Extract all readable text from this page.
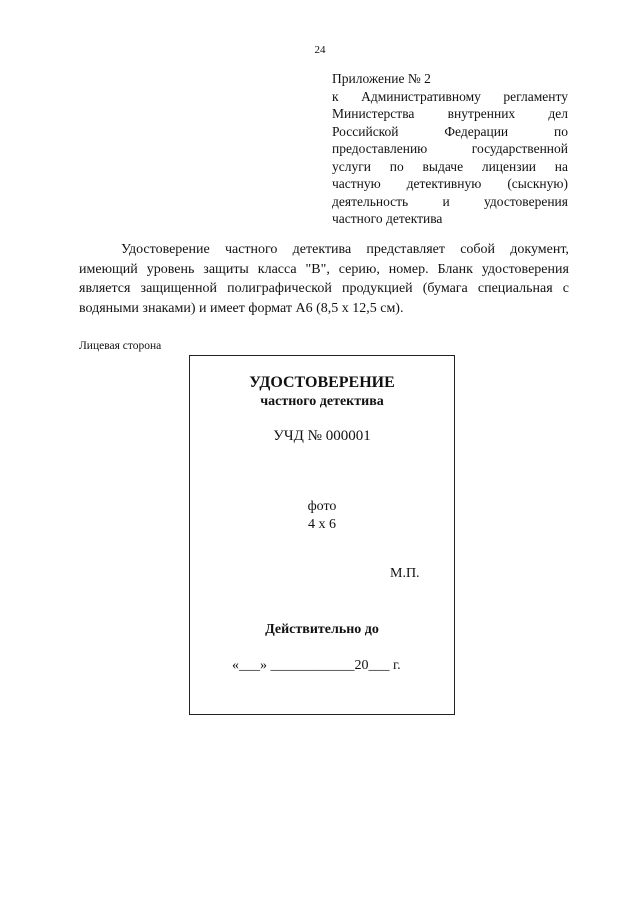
24
Приложение № 2
к Административному регламенту
Министерства внутренних дел
Российской	Федерации	по
предоставлению	государственной
услуги по выдаче лицензии на
частную детективную (сыскную)
деятельность	и	удостоверения
частного детектива
Удостоверение частного детектива представляет собой документ,
имеющий уровень защиты класса "В", серию, номер. Бланк удостоверения
является защищенной полиграфической продукцией (бумага специальная с
водяными знаками) и имеет формат А6 (8,5 х 12,5 см).
Лицевая сторона
УДОСТОВЕРЕНИЕ
частного детектива
УЧД № 000001
фото
4 х 6
М.П.
Действительно до
«___» ____________20___ г.
